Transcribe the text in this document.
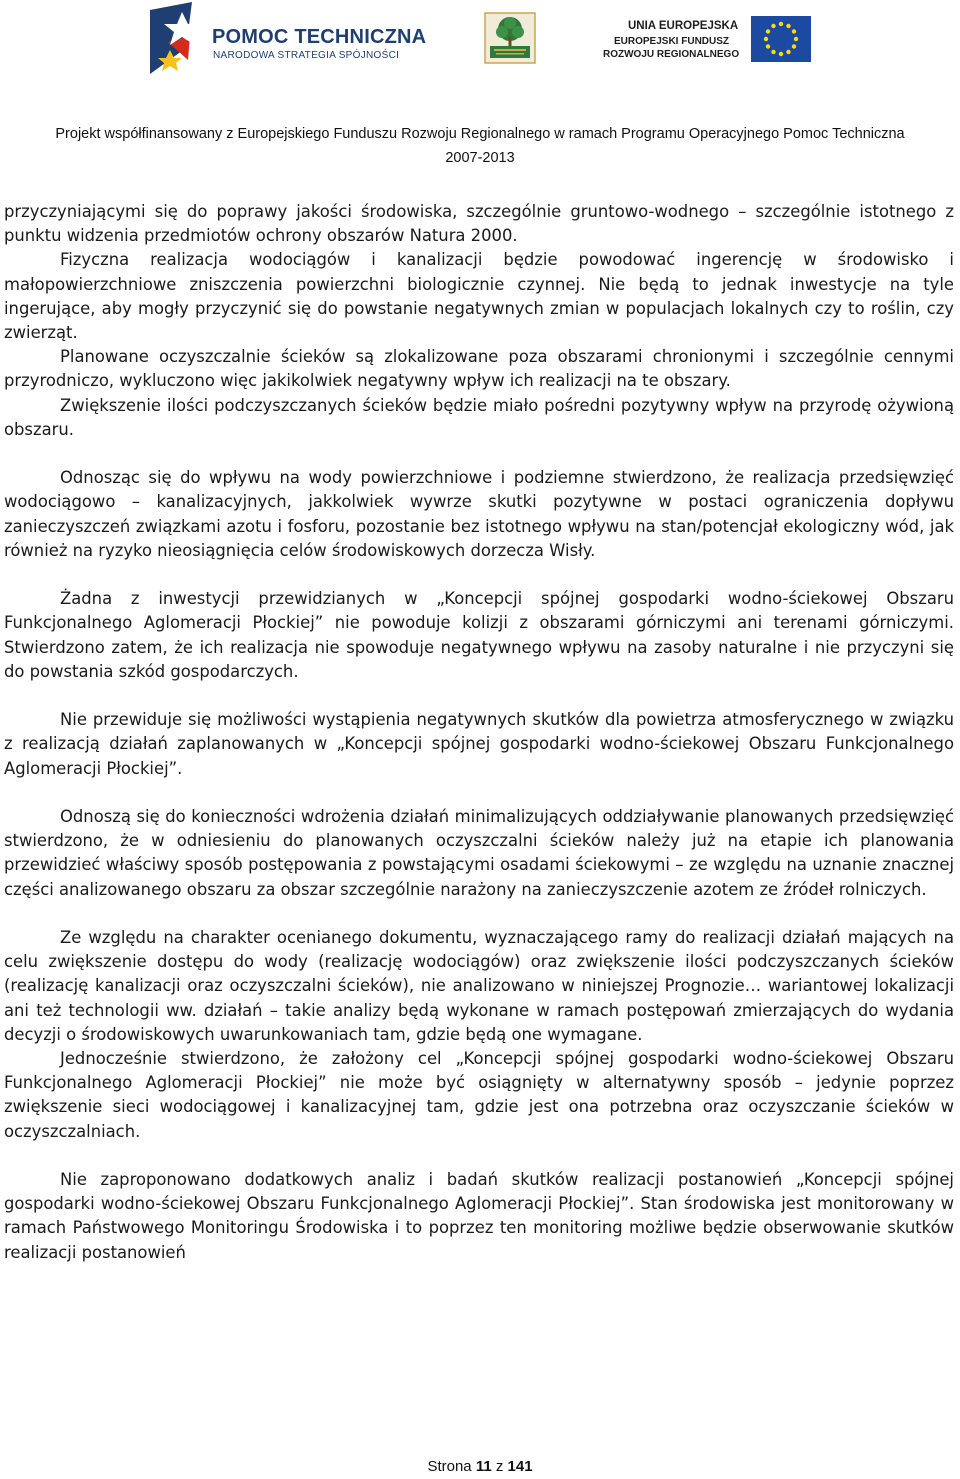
POMOC TECHNICZNA
NARODOWA STRATEGIA SPÓJNOŚCI
UNIA EUROPEJSKA
EUROPEJSKI FUNDUSZ
ROZWOJU REGIONALNEGO
Projekt współfinansowany z Europejskiego Funduszu Rozwoju Regionalnego w ramach Programu Operacyjnego Pomoc Techniczna
2007-2013

przyczyniającymi się do poprawy jakości środowiska, szczególnie gruntowo-wodnego – szczególnie istotnego z punktu widzenia przedmiotów ochrony obszarów Natura 2000.

Fizyczna realizacja wodociągów i kanalizacji będzie powodować ingerencję w środowisko i małopowierzchniowe zniszczenia powierzchni biologicznie czynnej. Nie będą to jednak inwestycje na tyle ingerujące, aby mogły przyczynić się do powstanie negatywnych zmian w populacjach lokalnych czy to roślin, czy zwierząt.

Planowane oczyszczalnie ścieków są zlokalizowane poza obszarami chronionymi i szczególnie cennymi przyrodniczo, wykluczono więc jakikolwiek negatywny wpływ ich realizacji na te obszary.

Zwiększenie ilości podczyszczanych ścieków będzie miało pośredni pozytywny wpływ na przyrodę ożywioną obszaru.

Odnosząc się do wpływu na wody powierzchniowe i podziemne stwierdzono, że realizacja przedsięwzięć wodociągowo – kanalizacyjnych, jakkolwiek wywrze skutki pozytywne w postaci ograniczenia dopływu zanieczyszczeń związkami azotu i fosforu, pozostanie bez istotnego wpływu na stan/potencjał ekologiczny wód, jak również na ryzyko nieosiągnięcia celów środowiskowych dorzecza Wisły.

Żadna z inwestycji przewidzianych w „Koncepcji spójnej gospodarki wodno-ściekowej Obszaru Funkcjonalnego Aglomeracji Płockiej” nie powoduje kolizji z obszarami górniczymi ani terenami górniczymi. Stwierdzono zatem, że ich realizacja nie spowoduje negatywnego wpływu na zasoby naturalne i nie przyczyni się do powstania szkód gospodarczych.

Nie przewiduje się możliwości wystąpienia negatywnych skutków dla powietrza atmosferycznego w związku z realizacją działań zaplanowanych w „Koncepcji spójnej gospodarki wodno-ściekowej Obszaru Funkcjonalnego Aglomeracji Płockiej”.

Odnoszą się do konieczności wdrożenia działań minimalizujących oddziaływanie planowanych przedsięwzięć stwierdzono, że w odniesieniu do planowanych oczyszczalni ścieków należy już na etapie ich planowania przewidzieć właściwy sposób postępowania z powstającymi osadami ściekowymi – ze względu na uznanie znacznej części analizowanego obszaru za obszar szczególnie narażony na zanieczyszczenie azotem ze źródeł rolniczych.

Ze względu na charakter ocenianego dokumentu, wyznaczającego ramy do realizacji działań mających na celu zwiększenie dostępu do wody (realizację wodociągów) oraz zwiększenie ilości podczyszczanych ścieków (realizację kanalizacji oraz oczyszczalni ścieków), nie analizowano w niniejszej Prognozie… wariantowej lokalizacji ani też technologii ww. działań – takie analizy będą wykonane w ramach postępowań zmierzających do wydania decyzji o środowiskowych uwarunkowaniach tam, gdzie będą one wymagane.

Jednocześnie stwierdzono, że założony cel „Koncepcji spójnej gospodarki wodno-ściekowej Obszaru Funkcjonalnego Aglomeracji Płockiej” nie może być osiągnięty w alternatywny sposób – jedynie poprzez zwiększenie sieci wodociągowej i kanalizacyjnej tam, gdzie jest ona potrzebna oraz oczyszczanie ścieków w oczyszczalniach.

Nie zaproponowano dodatkowych analiz i badań skutków realizacji postanowień „Koncepcji spójnej gospodarki wodno-ściekowej Obszaru Funkcjonalnego Aglomeracji Płockiej”. Stan środowiska jest monitorowany w ramach Państwowego Monitoringu Środowiska i to poprzez ten monitoring możliwe będzie obserwowanie skutków realizacji postanowień

Strona 11 z 141
